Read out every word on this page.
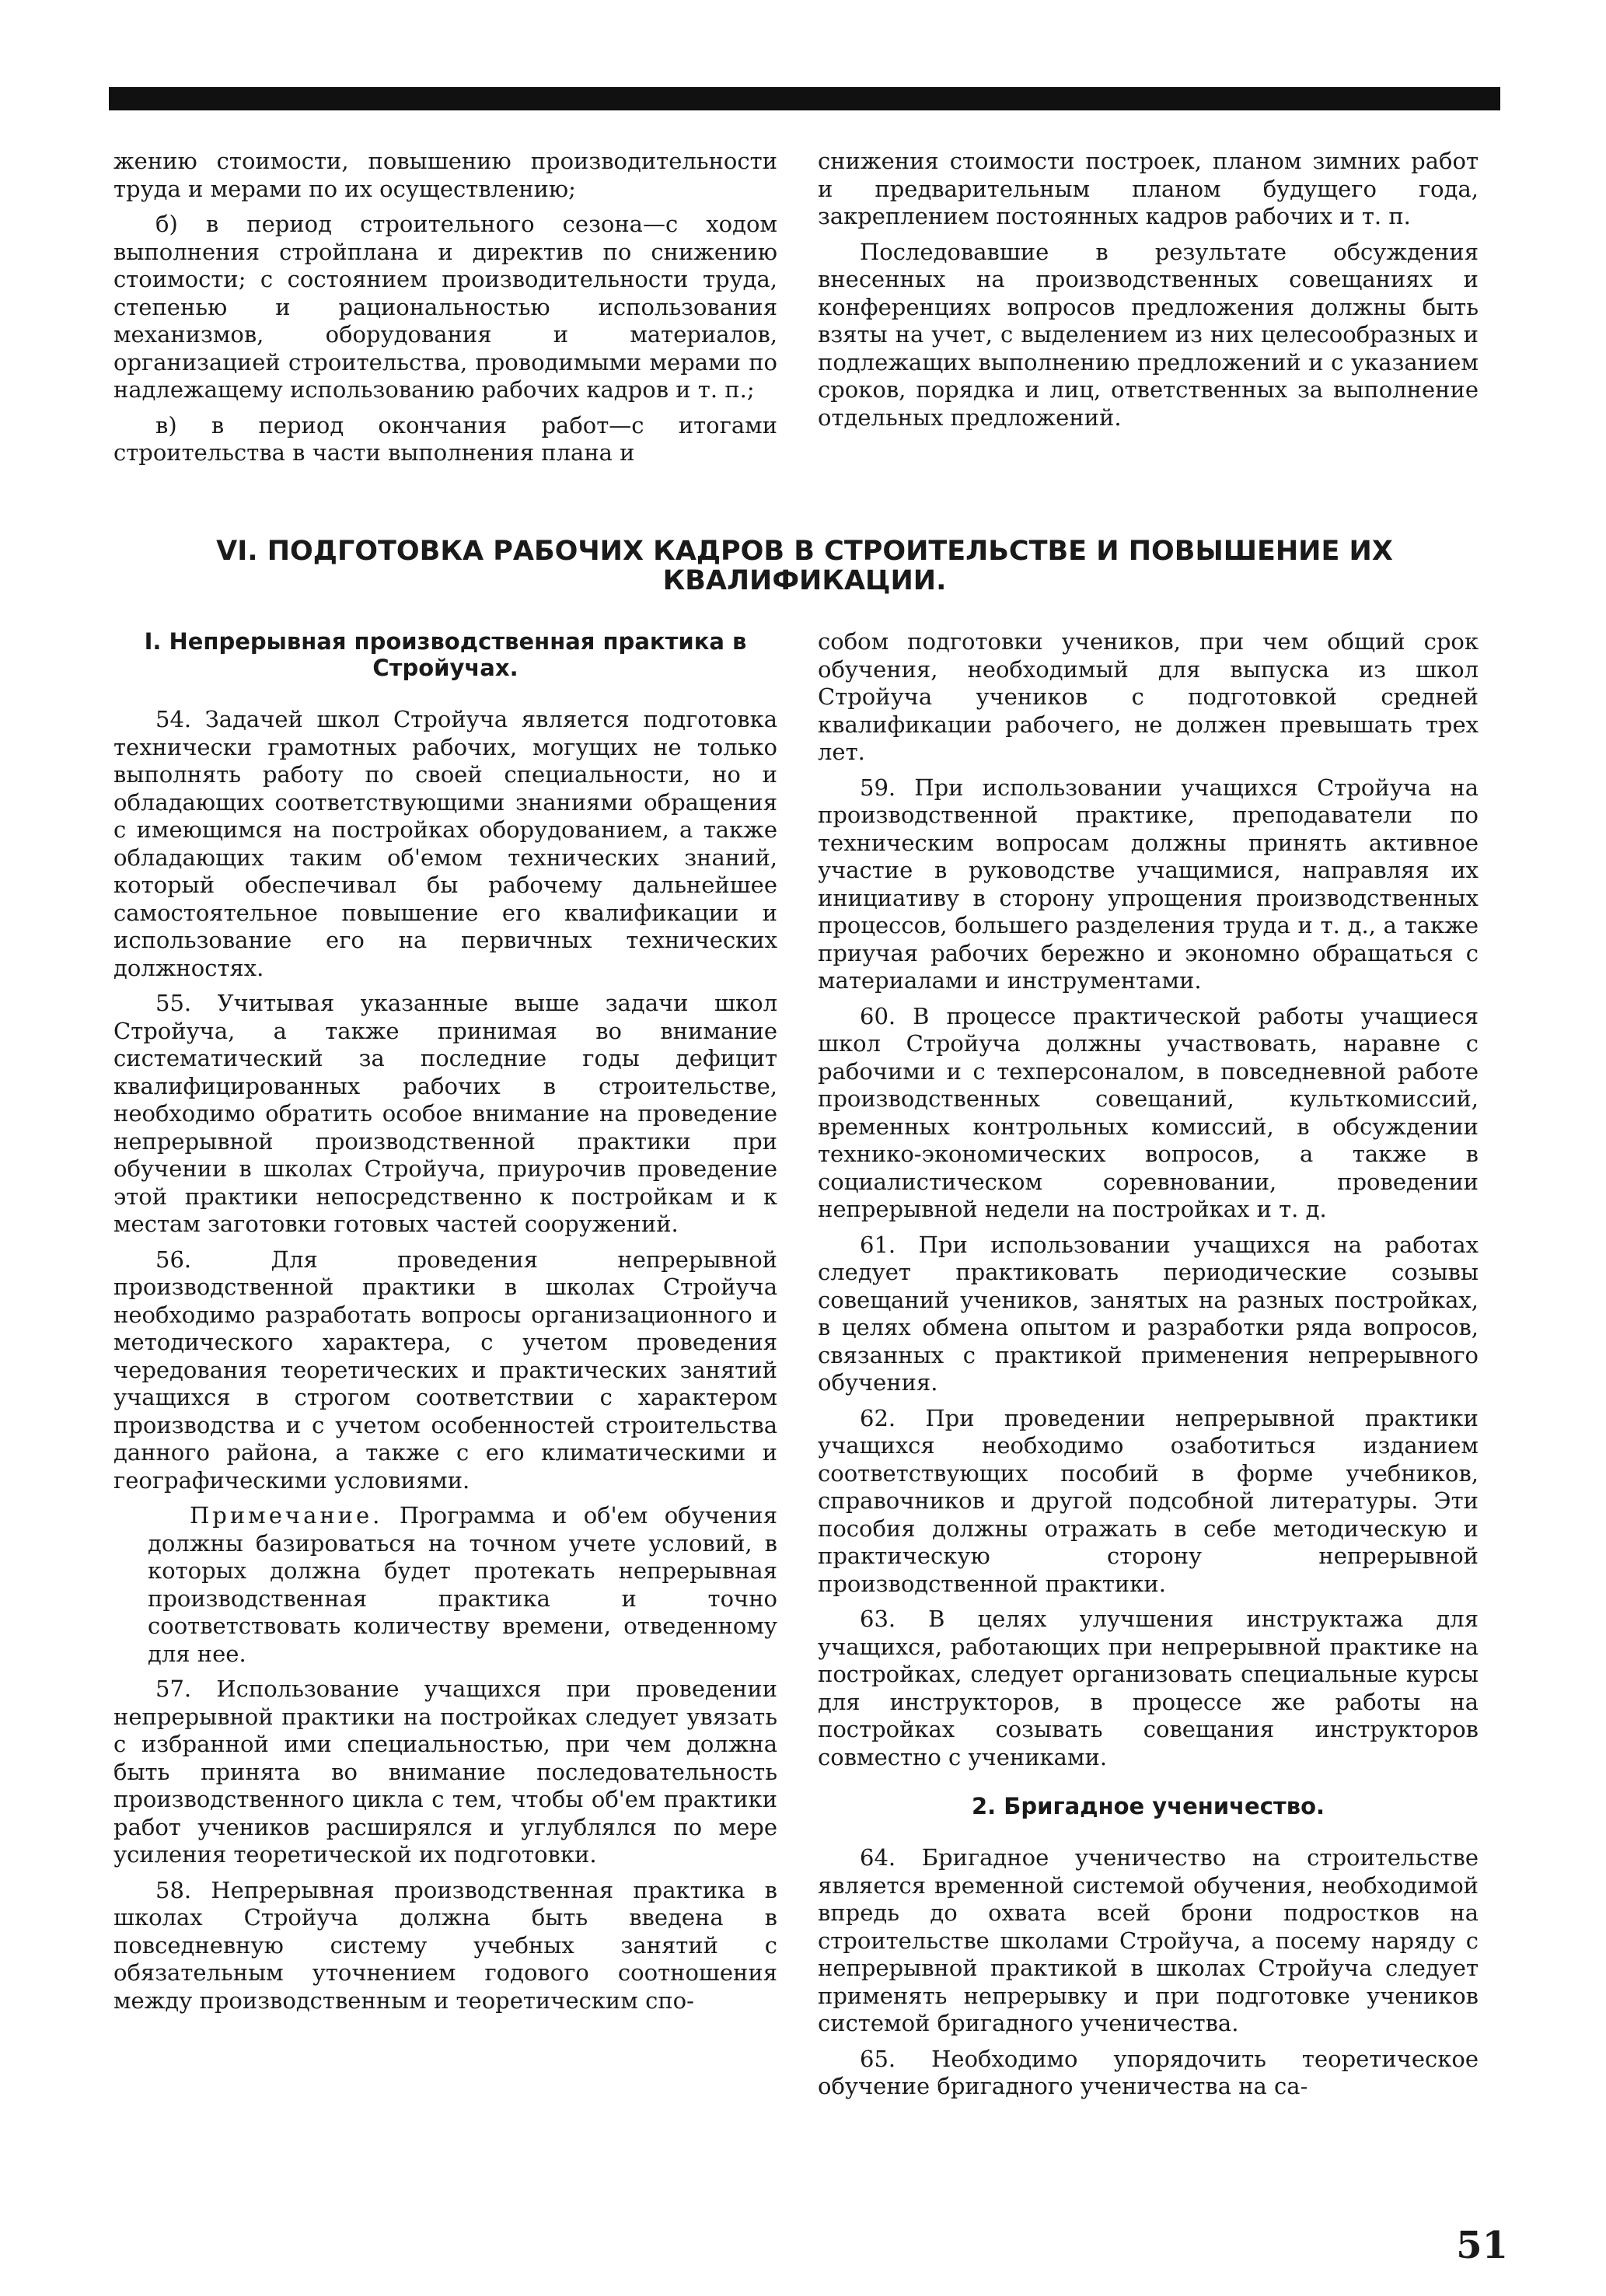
жению стоимости, повышению производительности труда и мерами по их осуществлению;

б) в период строительного сезона—с ходом выполнения стройплана и директив по снижению стоимости; с состоянием производительности труда, степенью и рациональностью использования механизмов, оборудования и материалов, организацией строительства, проводимыми мерами по надлежащему использованию рабочих кадров и т. п.;

в) в период окончания работ—с итогами строительства в части выполнения плана и

снижения стоимости построек, планом зимних работ и предварительным планом будущего года, закреплением постоянных кадров рабочих и т. п.

Последовавшие в результате обсуждения внесенных на производственных совещаниях и конференциях вопросов предложения должны быть взяты на учет, с выделением из них целесообразных и подлежащих выполнению предложений и с указанием сроков, порядка и лиц, ответственных за выполнение отдельных предложений.

VI. ПОДГОТОВКА РАБОЧИХ КАДРОВ В СТРОИТЕЛЬСТВЕ И ПОВЫШЕНИЕ ИХ КВАЛИФИКАЦИИ.
I. Непрерывная производственная практика в Стройучах.

54. Задачей школ Стройуча является подготовка технически грамотных рабочих, могущих не только выполнять работу по своей специальности, но и обладающих соответствующими знаниями обращения с имеющимся на постройках оборудованием, а также обладающих таким об'емом технических знаний, который обеспечивал бы рабочему дальнейшее самостоятельное повышение его квалификации и использование его на первичных технических должностях.

55. Учитывая указанные выше задачи школ Стройуча, а также принимая во внимание систематический за последние годы дефицит квалифицированных рабочих в строительстве, необходимо обратить особое внимание на проведение непрерывной производственной практики при обучении в школах Стройуча, приурочив проведение этой практики непосредственно к постройкам и к местам заготовки готовых частей сооружений.

56. Для проведения непрерывной производственной практики в школах Стройуча необходимо разработать вопросы организационного и методического характера, с учетом проведения чередования теоретических и практических занятий учащихся в строгом соответствии с характером производства и с учетом особенностей строительства данного района, а также с его климатическими и географическими условиями.

Примечание. Программа и об'ем обучения должны базироваться на точном учете условий, в которых должна будет протекать непрерывная производственная практика и точно соответствовать количеству времени, отведенному для нее.

57. Использование учащихся при проведении непрерывной практики на постройках следует увязать с избранной ими специальностью, при чем должна быть принята во внимание последовательность производственного цикла с тем, чтобы об'ем практики работ учеников расширялся и углублялся по мере усиления теоретической их подготовки.

58. Непрерывная производственная практика в школах Стройуча должна быть введена в повседневную систему учебных занятий с обязательным уточнением годового соотношения между производственным и теоретическим спо-

собом подготовки учеников, при чем общий срок обучения, необходимый для выпуска из школ Стройуча учеников с подготовкой средней квалификации рабочего, не должен превышать трех лет.

59. При использовании учащихся Стройуча на производственной практике, преподаватели по техническим вопросам должны принять активное участие в руководстве учащимися, направляя их инициативу в сторону упрощения производственных процессов, большего разделения труда и т. д., а также приучая рабочих бережно и экономно обращаться с материалами и инструментами.

60. В процессе практической работы учащиеся школ Стройуча должны участвовать, наравне с рабочими и с техперсоналом, в повседневной работе производственных совещаний, культкомиссий, временных контрольных комиссий, в обсуждении технико-экономических вопросов, а также в социалистическом соревновании, проведении непрерывной недели на постройках и т. д.

61. При использовании учащихся на работах следует практиковать периодические созывы совещаний учеников, занятых на разных постройках, в целях обмена опытом и разработки ряда вопросов, связанных с практикой применения непрерывного обучения.

62. При проведении непрерывной практики учащихся необходимо озаботиться изданием соответствующих пособий в форме учебников, справочников и другой подсобной литературы. Эти пособия должны отражать в себе методическую и практическую сторону непрерывной производственной практики.

63. В целях улучшения инструктажа для учащихся, работающих при непрерывной практике на постройках, следует организовать специальные курсы для инструкторов, в процессе же работы на постройках созывать совещания инструкторов совместно с учениками.

2. Бригадное ученичество.

64. Бригадное ученичество на строительстве является временной системой обучения, необходимой впредь до охвата всей брони подростков на строительстве школами Стройуча, а посему наряду с непрерывной практикой в школах Стройуча следует применять непрерывку и при подготовке учеников системой бригадного ученичества.

65. Необходимо упорядочить теоретическое обучение бригадного ученичества на са-

51
